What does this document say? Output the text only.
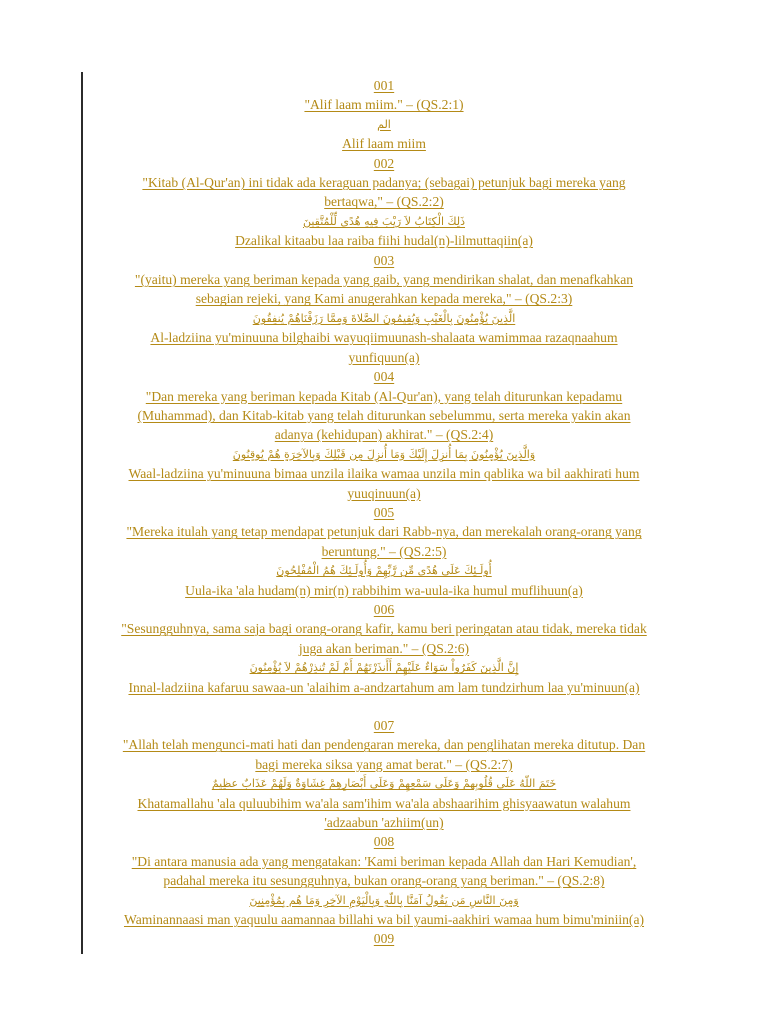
001
"Alif laam miim." – (QS.2:1)
الم
Alif laam miim
002
"Kitab (Al-Qur'an) ini tidak ada keraguan padanya; (sebagai) petunjuk bagi mereka yang
bertaqwa," – (QS.2:2)
ذَلِكَ الْكِتَابُ لاَ رَيْبَ فِيهِ هُدًى لِّلْمُتَّقِينَ
Dzalikal kitaabu laa raiba fiihi hudal(n)-lilmuttaqiin(a)
003
"(yaitu) mereka yang beriman kepada yang gaib, yang mendirikan shalat, dan menafkahkan
sebagian rejeki, yang Kami anugerahkan kepada mereka," – (QS.2:3)
الَّذِينَ يُؤْمِنُونَ بِالْغَيْبِ وَيُقِيمُونَ الصَّلاةَ وَمِمَّا رَزَقْنَاهُمْ يُنفِقُونَ
Al-ladziina yu'minuuna bilghaibi wayuqiimuunash-shalaata wamimmaa razaqnaahum
yunfiquun(a)
004
"Dan mereka yang beriman kepada Kitab (Al-Qur'an), yang telah diturunkan kepadamu
(Muhammad), dan Kitab-kitab yang telah diturunkan sebelummu, serta mereka yakin akan
adanya (kehidupan) akhirat." – (QS.2:4)
وَالَّذِينَ يُؤْمِنُونَ بِمَا أُنزِلَ إِلَيْكَ وَمَا أُنزِلَ مِن قَبْلِكَ وَبِالآخِرَةِ هُمْ يُوقِنُونَ
Waal-ladziina yu'minuuna bimaa unzila ilaika wamaa unzila min qablika wa bil aakhirati hum
yuuqinuun(a)
005
"Mereka itulah yang tetap mendapat petunjuk dari Rabb-nya, dan merekalah orang-orang yang
beruntung." – (QS.2:5)
أُولَـئِكَ عَلَى هُدًى مِّن رَّبِّهِمْ وَأُولَـئِكَ هُمُ الْمُفْلِحُونَ
Uula-ika 'ala hudam(n) mir(n) rabbihim wa-uula-ika humul muflihuun(a)
006
"Sesungguhnya, sama saja bagi orang-orang kafir, kamu beri peringatan atau tidak, mereka tidak
juga akan beriman." – (QS.2:6)
إِنَّ الَّذِينَ كَفَرُواْ سَوَاءٌ عَلَيْهِمْ أَأَنذَرْتَهُمْ أَمْ لَمْ تُنذِرْهُمْ لاَ يُؤْمِنُونَ
Innal-ladziina kafaruu sawaa-un 'alaihim a-andzartahum am lam tundzirhum laa yu'minuun(a)
007
"Allah telah mengunci-mati hati dan pendengaran mereka, dan penglihatan mereka ditutup. Dan
bagi mereka siksa yang amat berat." – (QS.2:7)
خَتَمَ اللّهُ عَلَى قُلُوبِهمْ وَعَلَى سَمْعِهِمْ وَعَلَى أَبْصَارِهِمْ غِشَاوَةٌ وَلَهُمْ عَذَابٌ عظِيمٌ
Khatamallahu 'ala quluubihim wa'ala sam'ihim wa'ala abshaarihim ghisyaawatun walahum
'adzaabun 'azhiim(un)
008
"Di antara manusia ada yang mengatakan: 'Kami beriman kepada Allah dan Hari Kemudian',
padahal mereka itu sesungguhnya, bukan orang-orang yang beriman." – (QS.2:8)
وَمِنَ النَّاسِ مَن يَقُولُ آمَنَّا بِاللّهِ وَبِالْيَوْمِ الآخِرِ وَمَا هُم بِمُؤْمِنِينَ
Waminannaasi man yaquulu aamannaa billahi wa bil yaumi-aakhiri wamaa hum bimu'miniin(a)
009
